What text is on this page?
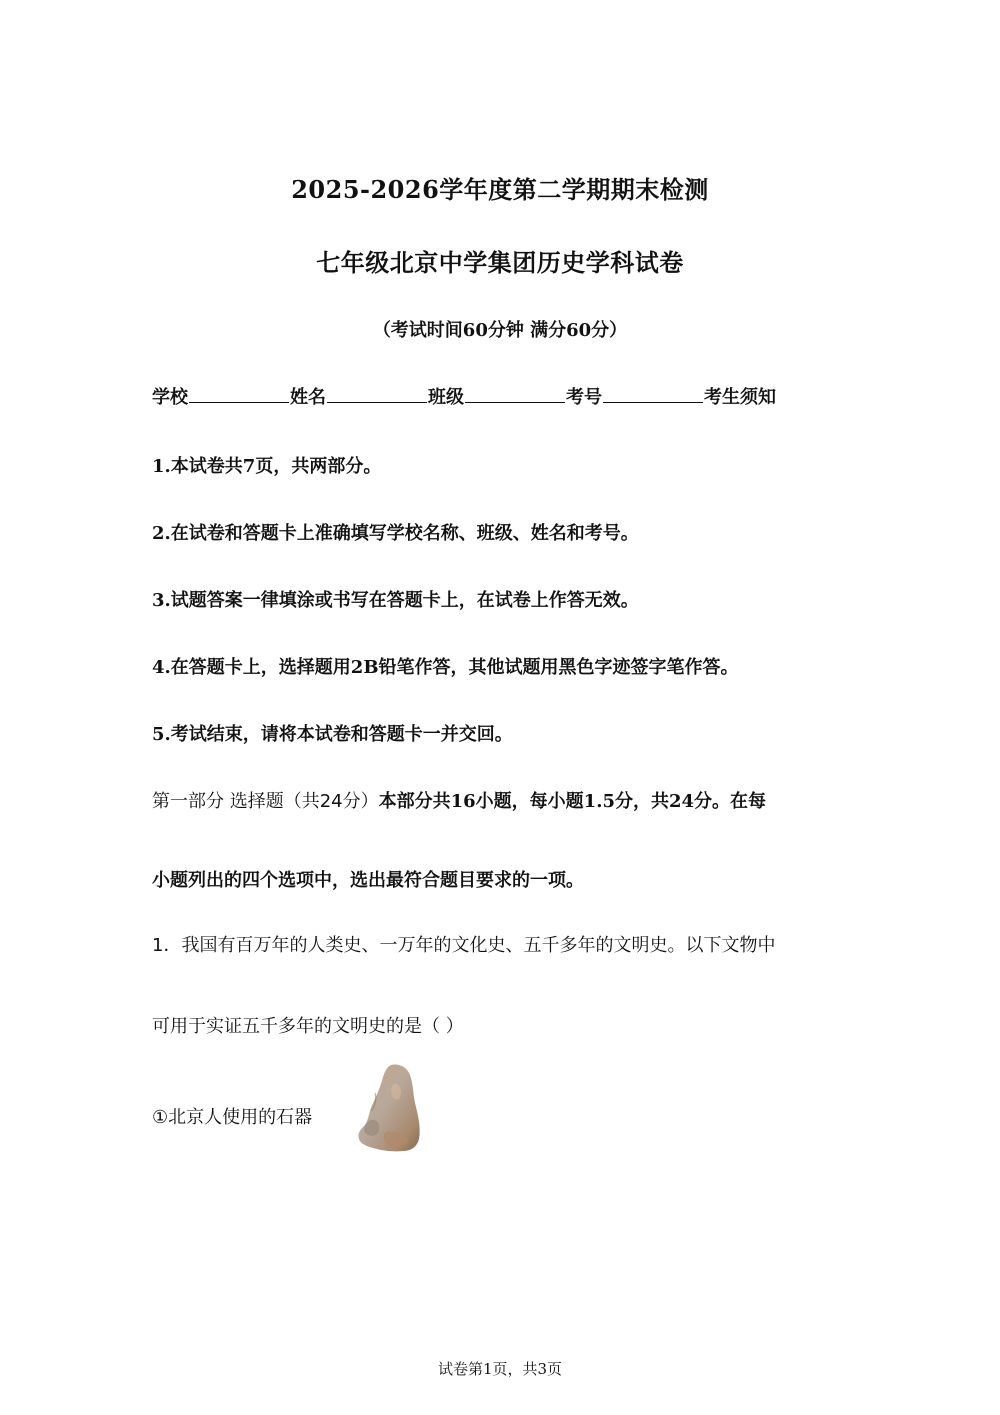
2025-2026学年度第二学期期末检测
七年级北京中学集团历史学科试卷
（考试时间60分钟 满分60分）
学校	姓名	班级	考号	考生须知
1.本试卷共7页，共两部分。
2.在试卷和答题卡上准确填写学校名称、班级、姓名和考号。
3.试题答案一律填涂或书写在答题卡上，在试卷上作答无效。
4.在答题卡上，选择题用2B铅笔作答，其他试题用黑色字迹签字笔作答。
5.考试结束，请将本试卷和答题卡一并交回。
第一部分 选择题（共24分）本部分共16小题，每小题1.5分，共24分。在每
小题列出的四个选项中，选出最符合题目要求的一项。
1．我国有百万年的人类史、一万年的文化史、五千多年的文明史。以下文物中
可用于实证五千多年的文明史的是（ ）
①北京人使用的石器
试卷第1页，共3页
